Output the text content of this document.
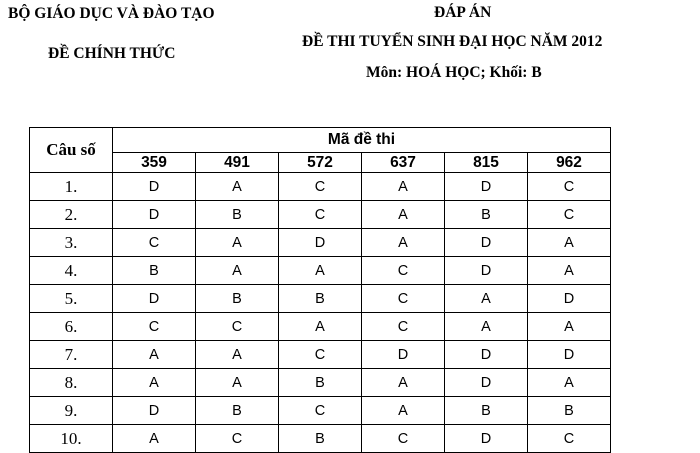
BỘ GIÁO DỤC VÀ ĐÀO TẠO
ĐỀ CHÍNH THỨC
ĐÁP ÁN
ĐỀ THI TUYỂN SINH ĐẠI HỌC NĂM 2012
Môn: HOÁ HỌC; Khối: B
Câu số	Mã đề thi					
	359	491	572	637	815	962
1.	D	A	C	A	D	C
2.	D	B	C	A	B	C
3.	C	A	D	A	D	A
4.	B	A	A	C	D	A
5.	D	B	B	C	A	D
6.	C	C	A	C	A	A
7.	A	A	C	D	D	D
8.	A	A	B	A	D	A
9.	D	B	C	A	B	B
10.	A	C	B	C	D	C
